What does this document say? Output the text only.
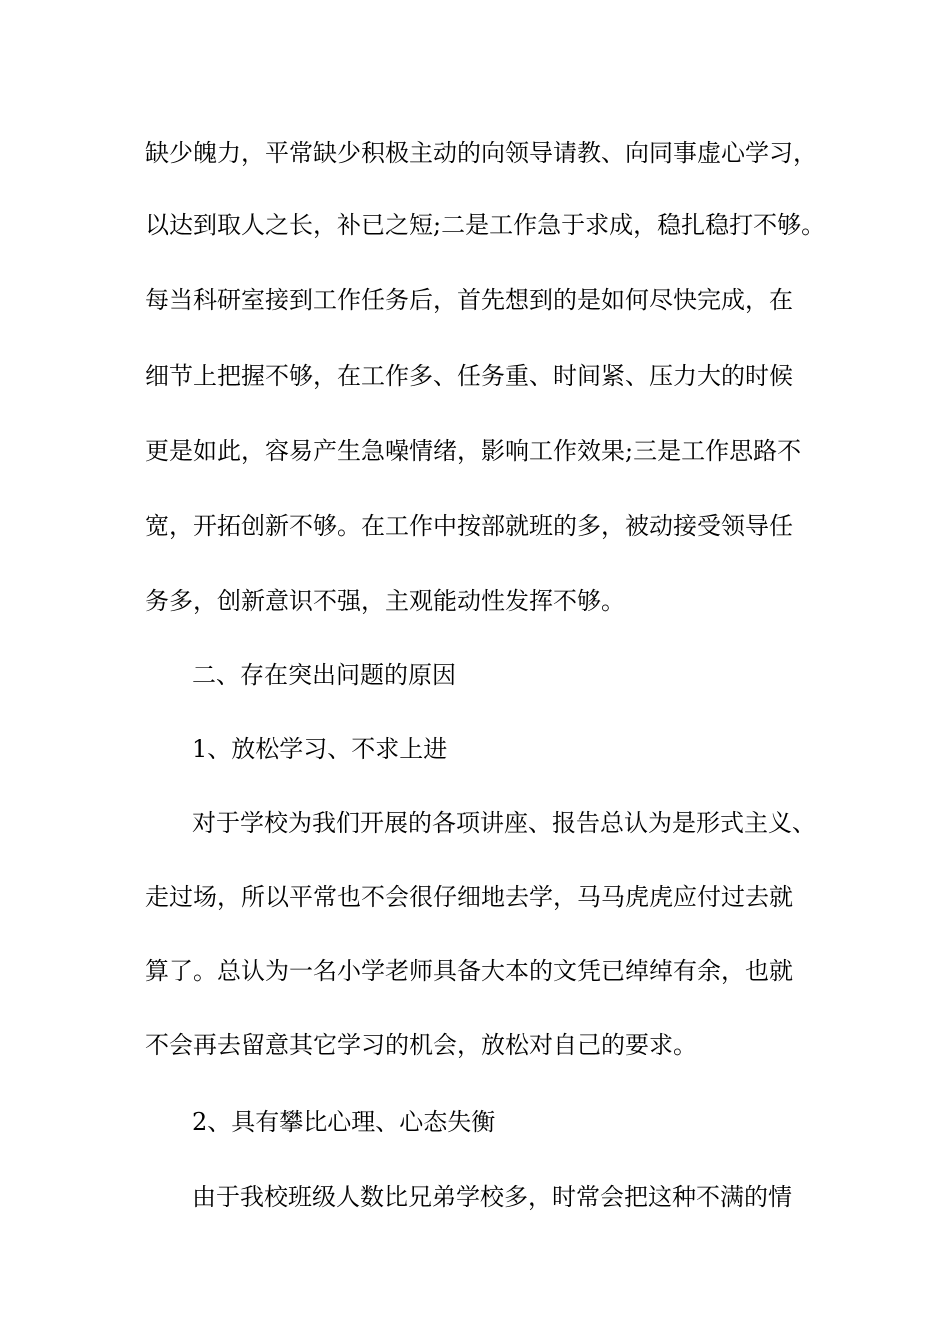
缺少魄力，平常缺少积极主动的向领导请教、向同事虚心学习，
以达到取人之长，补已之短;二是工作急于求成，稳扎稳打不够。
每当科研室接到工作任务后，首先想到的是如何尽快完成，在
细节上把握不够，在工作多、任务重、时间紧、压力大的时候
更是如此，容易产生急噪情绪，影响工作效果;三是工作思路不
宽，开拓创新不够。在工作中按部就班的多，被动接受领导任
务多，创新意识不强，主观能动性发挥不够。
二、存在突出问题的原因
1、放松学习、不求上进
对于学校为我们开展的各项讲座、报告总认为是形式主义、
走过场，所以平常也不会很仔细地去学，马马虎虎应付过去就
算了。总认为一名小学老师具备大本的文凭已绰绰有余，也就
不会再去留意其它学习的机会，放松对自己的要求。
2、具有攀比心理、心态失衡
由于我校班级人数比兄弟学校多，时常会把这种不满的情
